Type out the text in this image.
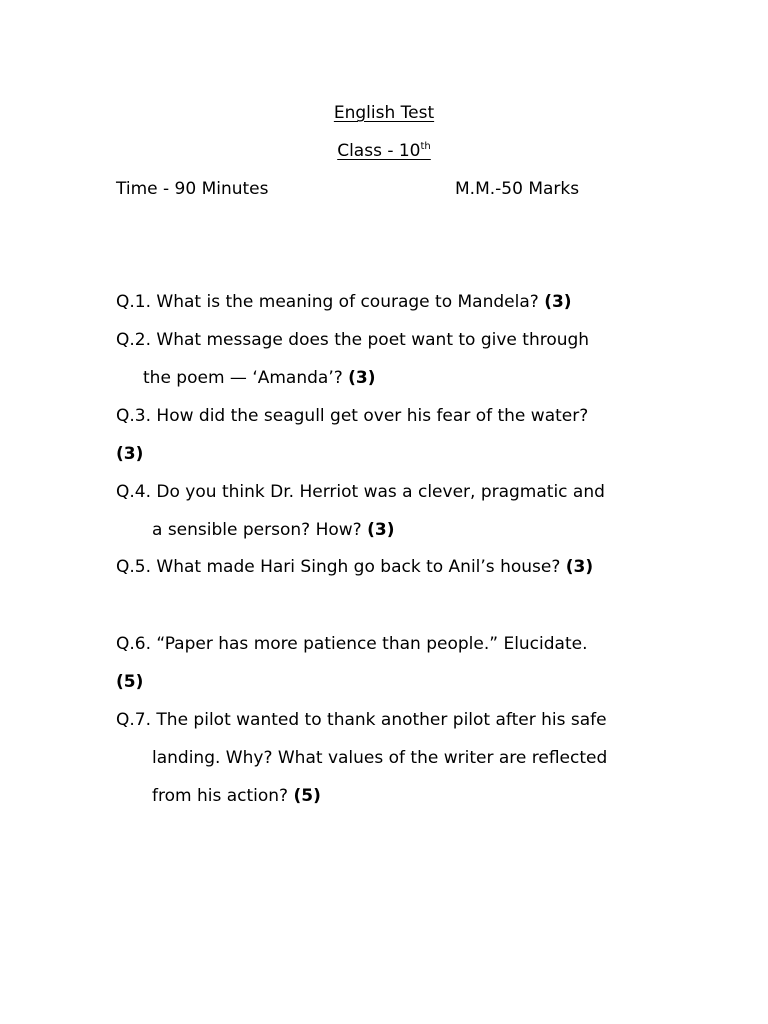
English Test
Class - 10th
Time - 90 Minutes	M.M.-50 Marks
Q.1. What is the meaning of courage to Mandela? (3)
Q.2. What message does the poet want to give through
the poem — ‘Amanda’? (3)
Q.3. How did the seagull get over his fear of the water?
(3)
Q.4. Do you think Dr. Herriot was a clever, pragmatic and
a sensible person? How? (3)
Q.5. What made Hari Singh go back to Anil’s house? (3)
Q.6. “Paper has more patience than people.” Elucidate.
(5)
Q.7. The pilot wanted to thank another pilot after his safe
landing. Why? What values of the writer are reflected
from his action? (5)
